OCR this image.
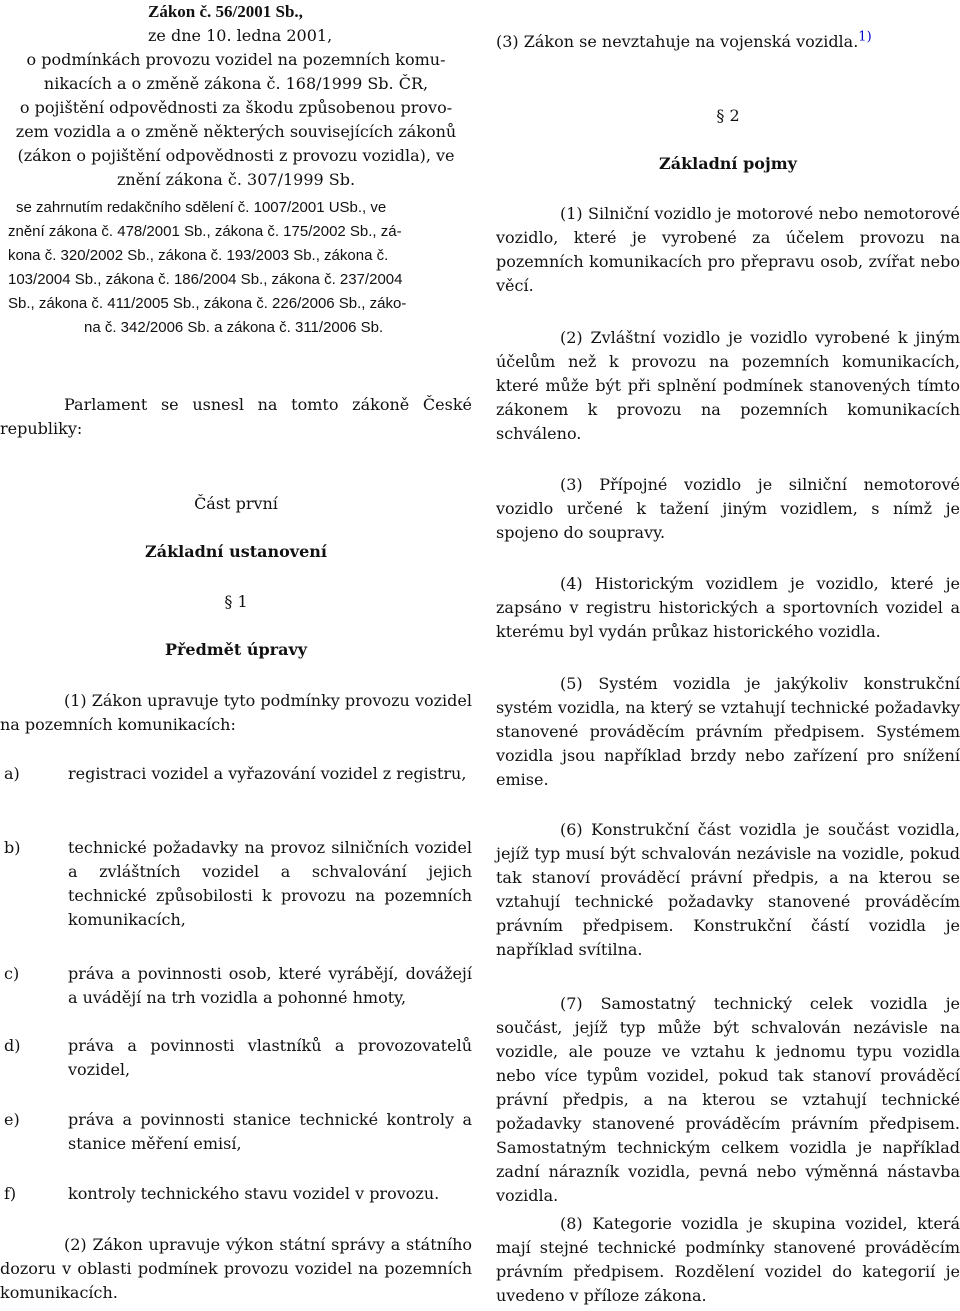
Zákon č. 56/2001 Sb.,
ze dne 10. ledna 2001,
o podmínkách provozu vozidel na pozemních komu-
nikacích a o změně zákona č. 168/1999 Sb. ČR,
o pojištění odpovědnosti za škodu způsobenou provo-
zem vozidla a o změně některých souvisejících zákonů
(zákon o pojištění odpovědnosti z provozu vozidla), ve
znění zákona č. 307/1999 Sb.
se zahrnutím redakčního sdělení č. 1007/2001 USb., ve
znění zákona č. 478/2001 Sb., zákona č. 175/2002 Sb., zá-
kona č. 320/2002 Sb., zákona č. 193/2003 Sb., zákona č.
103/2004 Sb., zákona č. 186/2004 Sb., zákona č. 237/2004
Sb., zákona č. 411/2005 Sb., zákona č. 226/2006 Sb., záko-
na č. 342/2006 Sb. a zákona č. 311/2006 Sb.
Parlament se usnesl na tomto zákoně České republiky:
Část první
Základní ustanovení
§ 1
Předmět úpravy
(1) Zákon upravuje tyto podmínky provozu vozidel na pozemních komunikacích:
a)	registraci vozidel a vyřazování vozidel z registru,
b)	technické požadavky na provoz silničních vozidel a zvláštních vozidel a schvalování jejich technické způsobilosti k provozu na pozemních komunikacích,
c)	práva a povinnosti osob, které vyrábějí, dovážejí a uvádějí na trh vozidla a pohonné hmoty,
d)	práva a povinnosti vlastníků a provozovatelů vozidel,
e)	práva a povinnosti stanice technické kontroly a stanice měření emisí,
f)	kontroly technického stavu vozidel v provozu.
(2) Zákon upravuje výkon státní správy a státního dozoru v oblasti podmínek provozu vozidel na pozemních komunikacích.
(3) Zákon se nevztahuje na vojenská vozidla.$^{1)}$
§ 2
Základní pojmy
(1) Silniční vozidlo je motorové nebo nemotorové vozidlo, které je vyrobené za účelem provozu na pozemních komunikacích pro přepravu osob, zvířat nebo věcí.
(2) Zvláštní vozidlo je vozidlo vyrobené k jiným účelům než k provozu na pozemních komunikacích, které může být při splnění podmínek stanovených tímto zákonem k provozu na pozemních komunikacích schváleno.
(3) Přípojné vozidlo je silniční nemotorové vozidlo určené k tažení jiným vozidlem, s nímž je spojeno do soupravy.
(4) Historickým vozidlem je vozidlo, které je zapsáno v registru historických a sportovních vozidel a kterému byl vydán průkaz historického vozidla.
(5) Systém vozidla je jakýkoliv konstrukční systém vozidla, na který se vztahují technické požadavky stanovené prováděcím právním předpisem. Systémem vozidla jsou například brzdy nebo zařízení pro snížení emise.
(6) Konstrukční část vozidla je součást vozidla, jejíž typ musí být schvalován nezávisle na vozidle, pokud tak stanoví prováděcí právní předpis, a na kterou se vztahují technické požadavky stanovené prováděcím právním předpisem. Konstrukční částí vozidla je například svítilna.
(7) Samostatný technický celek vozidla je součást, jejíž typ může být schvalován nezávisle na vozidle, ale pouze ve vztahu k jednomu typu vozidla nebo více typům vozidel, pokud tak stanoví prováděcí právní předpis, a na kterou se vztahují technické požadavky stanovené prováděcím právním předpisem. Samostatným technickým celkem vozidla je například zadní nárazník vozidla, pevná nebo výměnná nástavba vozidla.
(8) Kategorie vozidla je skupina vozidel, která mají stejné technické podmínky stanovené prováděcím právním předpisem. Rozdělení vozidel do kategorií je uvedeno v příloze zákona.
